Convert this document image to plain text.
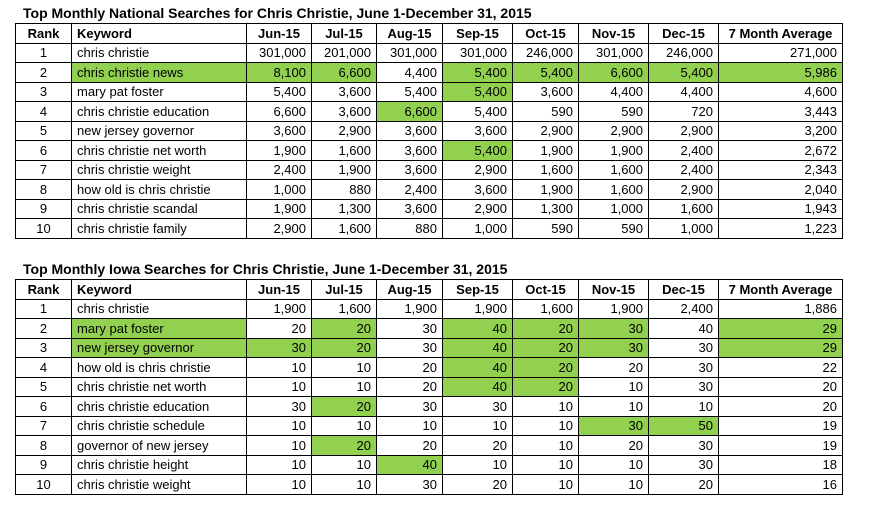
Top Monthly National Searches for Chris Christie, June 1-December 31, 2015
Rank	Keyword	Jun-15	Jul-15	Aug-15	Sep-15	Oct-15	Nov-15	Dec-15	7 Month Average
1	chris christie	301,000	201,000	301,000	301,000	246,000	301,000	246,000	271,000
2	chris christie news	8,100	6,600	4,400	5,400	5,400	6,600	5,400	5,986
3	mary pat foster	5,400	3,600	5,400	5,400	3,600	4,400	4,400	4,600
4	chris christie education	6,600	3,600	6,600	5,400	590	590	720	3,443
5	new jersey governor	3,600	2,900	3,600	3,600	2,900	2,900	2,900	3,200
6	chris christie net worth	1,900	1,600	3,600	5,400	1,900	1,900	2,400	2,672
7	chris christie weight	2,400	1,900	3,600	2,900	1,600	1,600	2,400	2,343
8	how old is chris christie	1,000	880	2,400	3,600	1,900	1,600	2,900	2,040
9	chris christie scandal	1,900	1,300	3,600	2,900	1,300	1,000	1,600	1,943
10	chris christie family	2,900	1,600	880	1,000	590	590	1,000	1,223
Top Monthly Iowa Searches for Chris Christie, June 1-December 31, 2015
Rank	Keyword	Jun-15	Jul-15	Aug-15	Sep-15	Oct-15	Nov-15	Dec-15	7 Month Average
1	chris christie	1,900	1,600	1,900	1,900	1,600	1,900	2,400	1,886
2	mary pat foster	20	20	30	40	20	30	40	29
3	new jersey governor	30	20	30	40	20	30	30	29
4	how old is chris christie	10	10	20	40	20	20	30	22
5	chris christie net worth	10	10	20	40	20	10	30	20
6	chris christie education	30	20	30	30	10	10	10	20
7	chris christie schedule	10	10	10	10	10	30	50	19
8	governor of new jersey	10	20	20	20	10	20	30	19
9	chris christie height	10	10	40	10	10	10	30	18
10	chris christie weight	10	10	30	20	10	10	20	16
